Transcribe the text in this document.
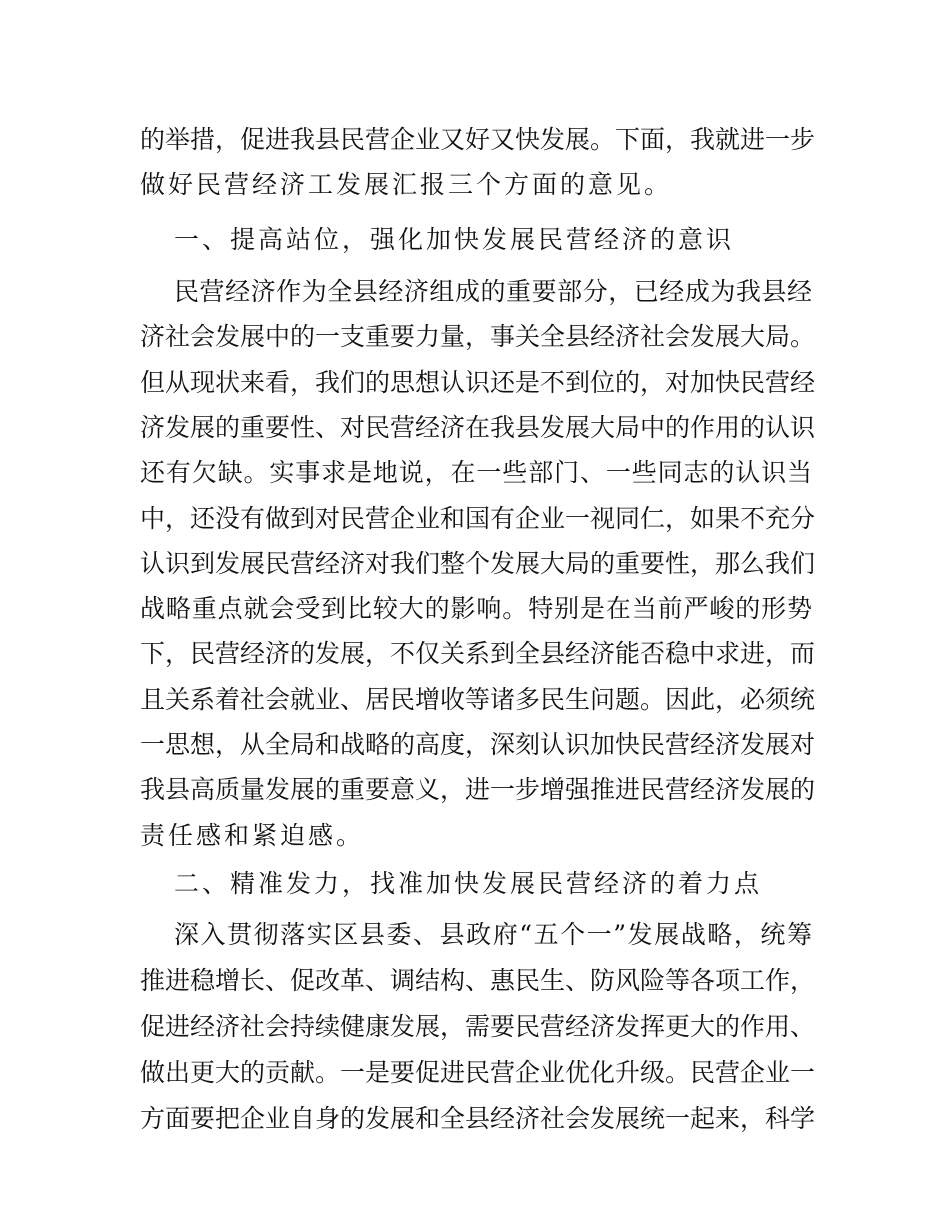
的举措，促进我县民营企业又好又快发展。下面，我就进一步
做好民营经济工发展汇报三个方面的意见。
一、提高站位，强化加快发展民营经济的意识
民营经济作为全县经济组成的重要部分，已经成为我县经
济社会发展中的一支重要力量，事关全县经济社会发展大局。
但从现状来看，我们的思想认识还是不到位的，对加快民营经
济发展的重要性、对民营经济在我县发展大局中的作用的认识
还有欠缺。实事求是地说，在一些部门、一些同志的认识当
中，还没有做到对民营企业和国有企业一视同仁，如果不充分
认识到发展民营经济对我们整个发展大局的重要性，那么我们
战略重点就会受到比较大的影响。特别是在当前严峻的形势
下，民营经济的发展，不仅关系到全县经济能否稳中求进，而
且关系着社会就业、居民增收等诸多民生问题。因此，必须统
一思想，从全局和战略的高度，深刻认识加快民营经济发展对
我县高质量发展的重要意义，进一步增强推进民营经济发展的
责任感和紧迫感。
二、精准发力，找准加快发展民营经济的着力点
深入贯彻落实区县委、县政府“五个一”发展战略，统筹
推进稳增长、促改革、调结构、惠民生、防风险等各项工作，
促进经济社会持续健康发展，需要民营经济发挥更大的作用、
做出更大的贡献。一是要促进民营企业优化升级。民营企业一
方面要把企业自身的发展和全县经济社会发展统一起来，科学
